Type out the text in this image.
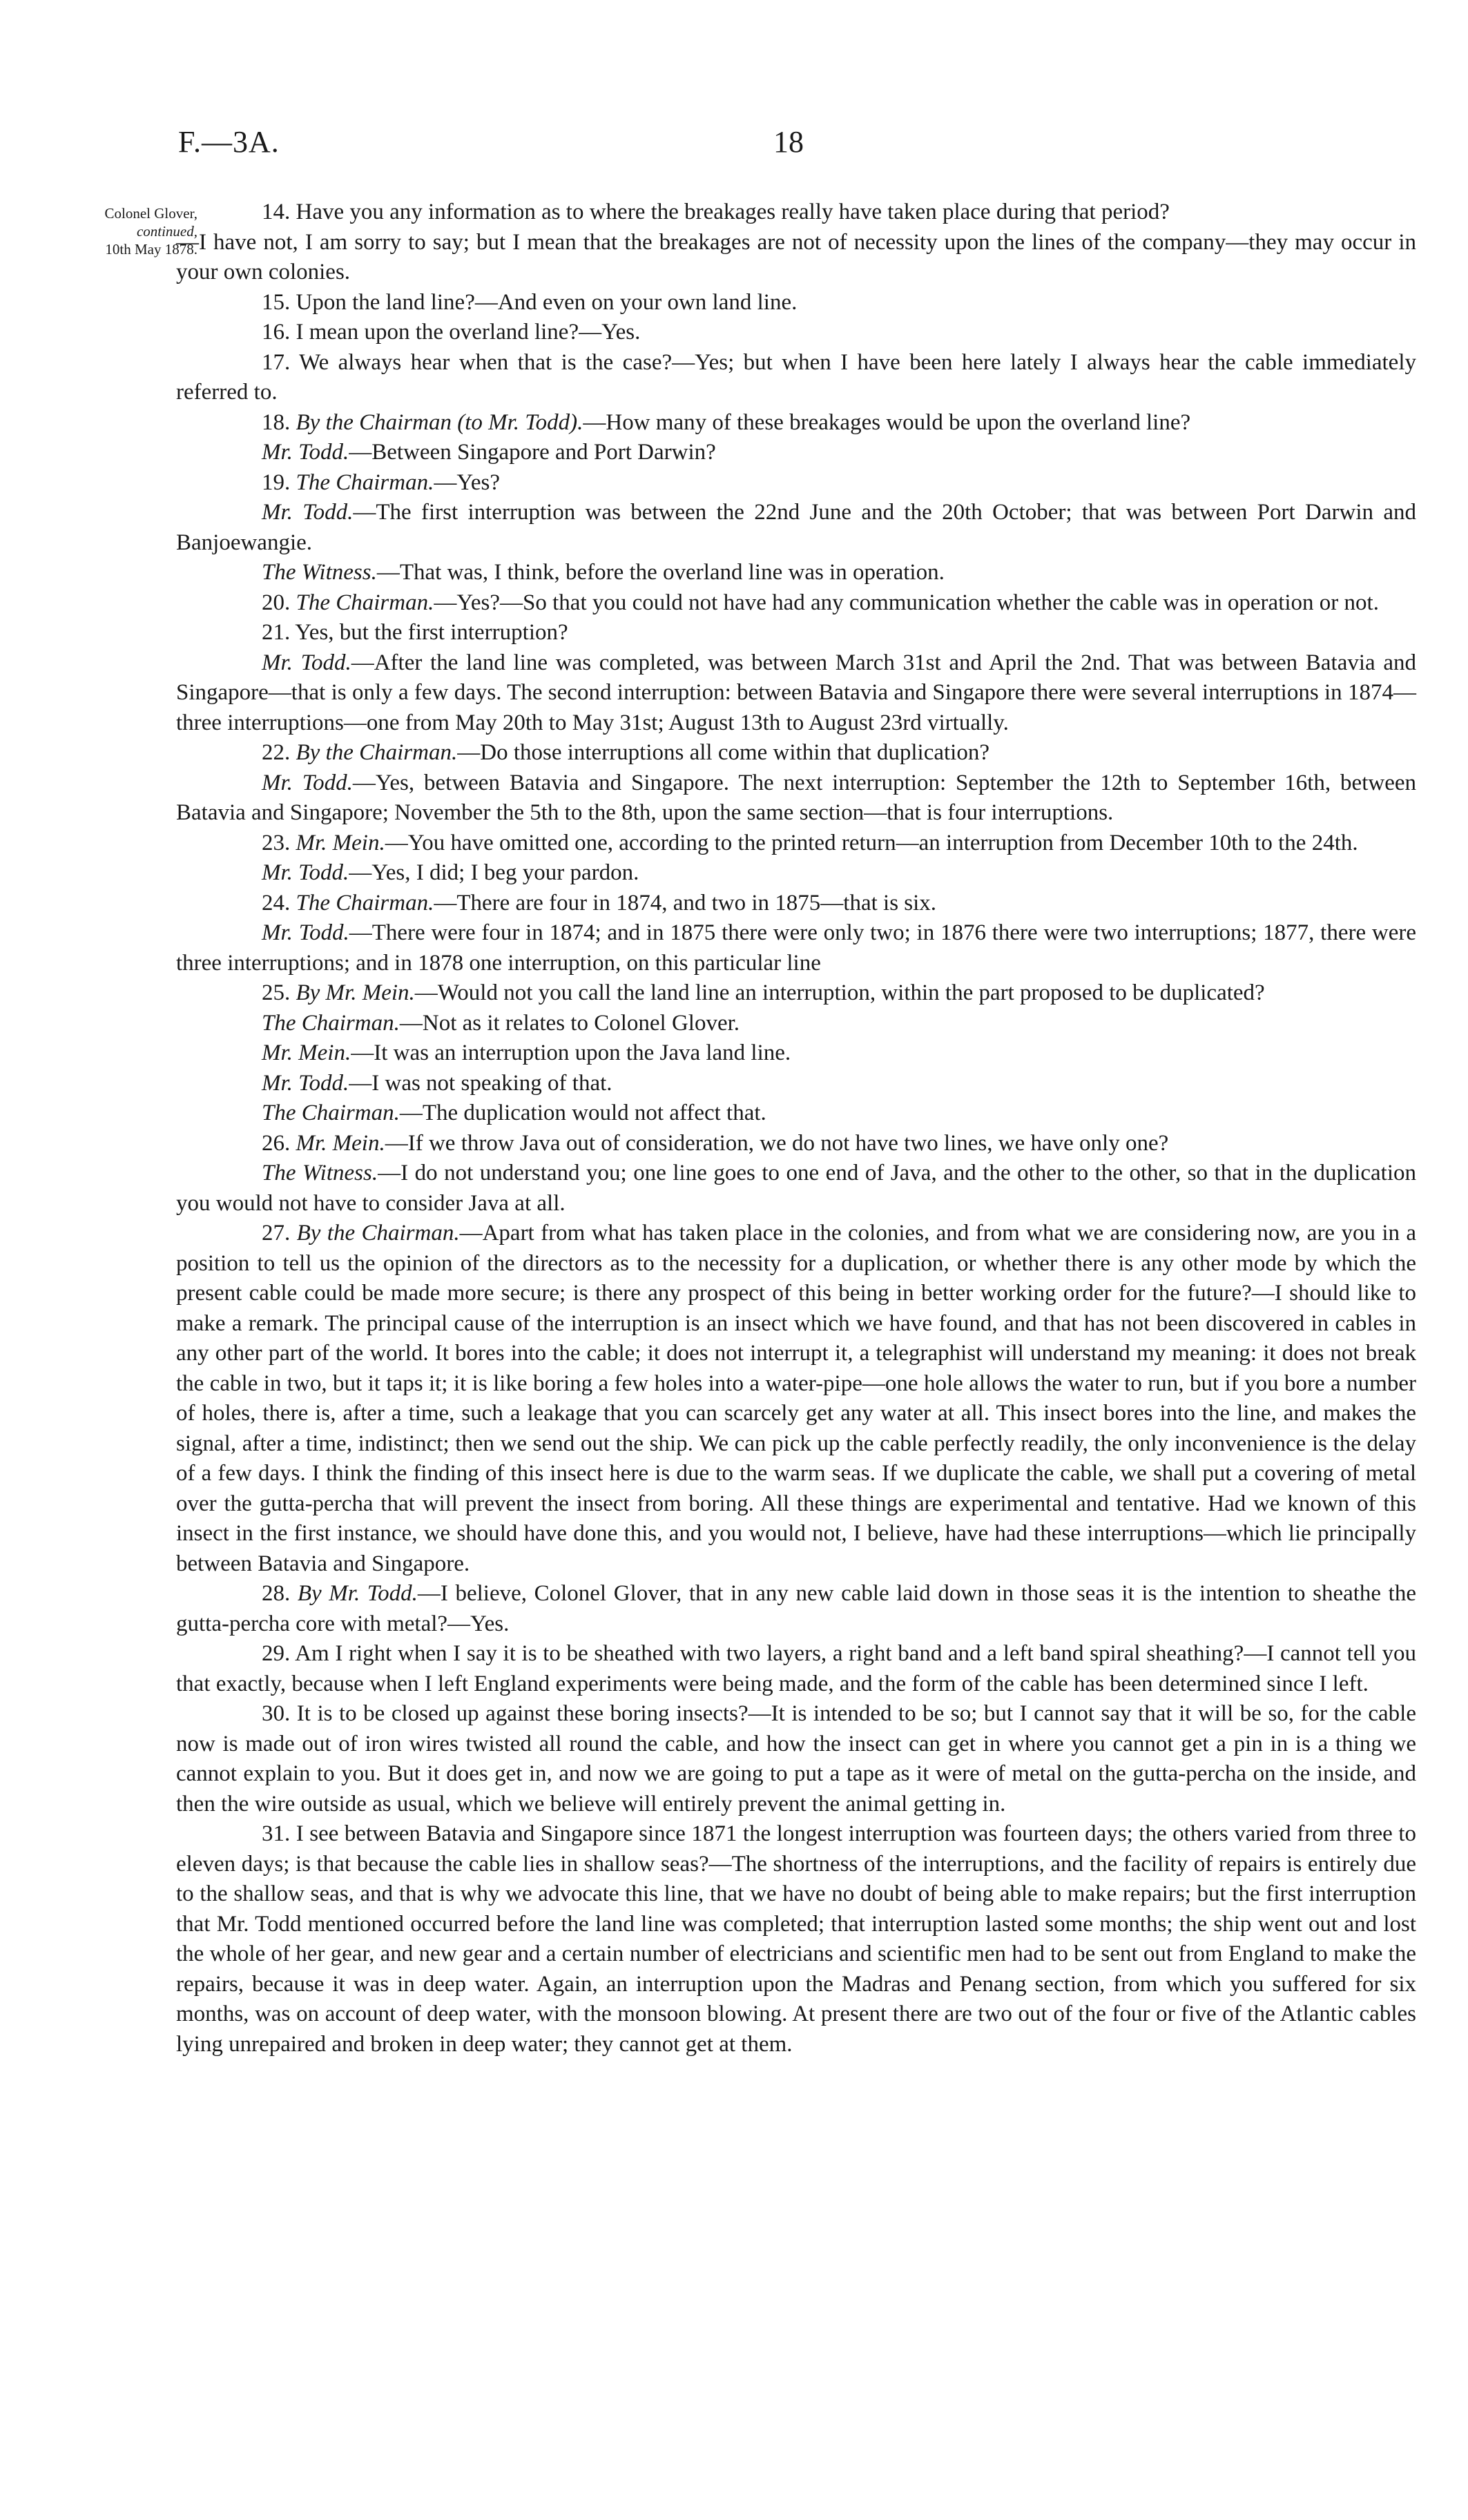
F.—3A.	18
Colonel Glover,
continued,
10th May 1878.

14. Have you any information as to where the breakages really have taken place during that period?

—I have not, I am sorry to say; but I mean that the breakages are not of necessity upon the lines of the company—they may occur in your own colonies.

15. Upon the land line?—And even on your own land line.

16. I mean upon the overland line?—Yes.

17. We always hear when that is the case?—Yes; but when I have been here lately I always hear the cable immediately referred to.

18. By the Chairman (to Mr. Todd).—How many of these breakages would be upon the overland line?

Mr. Todd.—Between Singapore and Port Darwin?

19. The Chairman.—Yes?

Mr. Todd.—The first interruption was between the 22nd June and the 20th October; that was between Port Darwin and Banjoewangie.

The Witness.—That was, I think, before the overland line was in operation.

20. The Chairman.—Yes?—So that you could not have had any communication whether the cable was in operation or not.

21. Yes, but the first interruption?

Mr. Todd.—After the land line was completed, was between March 31st and April the 2nd. That was between Batavia and Singapore—that is only a few days. The second interruption: between Batavia and Singapore there were several interruptions in 1874—three interruptions—one from May 20th to May 31st; August 13th to August 23rd virtually.

22. By the Chairman.—Do those interruptions all come within that duplication?

Mr. Todd.—Yes, between Batavia and Singapore. The next interruption: September the 12th to September 16th, between Batavia and Singapore; November the 5th to the 8th, upon the same section—that is four interruptions.

23. Mr. Mein.—You have omitted one, according to the printed return—an interruption from December 10th to the 24th.

Mr. Todd.—Yes, I did; I beg your pardon.

24. The Chairman.—There are four in 1874, and two in 1875—that is six.

Mr. Todd.—There were four in 1874; and in 1875 there were only two; in 1876 there were two interruptions; 1877, there were three interruptions; and in 1878 one interruption, on this particular line

25. By Mr. Mein.—Would not you call the land line an interruption, within the part proposed to be duplicated?

The Chairman.—Not as it relates to Colonel Glover.

Mr. Mein.—It was an interruption upon the Java land line.

Mr. Todd.—I was not speaking of that.

The Chairman.—The duplication would not affect that.

26. Mr. Mein.—If we throw Java out of consideration, we do not have two lines, we have only one?

The Witness.—I do not understand you; one line goes to one end of Java, and the other to the other, so that in the duplication you would not have to consider Java at all.

27. By the Chairman.—Apart from what has taken place in the colonies, and from what we are considering now, are you in a position to tell us the opinion of the directors as to the necessity for a duplication, or whether there is any other mode by which the present cable could be made more secure; is there any prospect of this being in better working order for the future?—I should like to make a remark. The principal cause of the interruption is an insect which we have found, and that has not been discovered in cables in any other part of the world. It bores into the cable; it does not interrupt it, a telegraphist will understand my meaning: it does not break the cable in two, but it taps it; it is like boring a few holes into a water-pipe—one hole allows the water to run, but if you bore a number of holes, there is, after a time, such a leakage that you can scarcely get any water at all. This insect bores into the line, and makes the signal, after a time, indistinct; then we send out the ship. We can pick up the cable perfectly readily, the only inconvenience is the delay of a few days. I think the finding of this insect here is due to the warm seas. If we duplicate the cable, we shall put a covering of metal over the gutta-percha that will prevent the insect from boring. All these things are experimental and tentative. Had we known of this insect in the first instance, we should have done this, and you would not, I believe, have had these interruptions—which lie principally between Batavia and Singapore.

28. By Mr. Todd.—I believe, Colonel Glover, that in any new cable laid down in those seas it is the intention to sheathe the gutta-percha core with metal?—Yes.

29. Am I right when I say it is to be sheathed with two layers, a right band and a left band spiral sheathing?—I cannot tell you that exactly, because when I left England experiments were being made, and the form of the cable has been determined since I left.

30. It is to be closed up against these boring insects?—It is intended to be so; but I cannot say that it will be so, for the cable now is made out of iron wires twisted all round the cable, and how the insect can get in where you cannot get a pin in is a thing we cannot explain to you. But it does get in, and now we are going to put a tape as it were of metal on the gutta-percha on the inside, and then the wire outside as usual, which we believe will entirely prevent the animal getting in.

31. I see between Batavia and Singapore since 1871 the longest interruption was fourteen days; the others varied from three to eleven days; is that because the cable lies in shallow seas?—The shortness of the interruptions, and the facility of repairs is entirely due to the shallow seas, and that is why we advocate this line, that we have no doubt of being able to make repairs; but the first interruption that Mr. Todd mentioned occurred before the land line was completed; that interruption lasted some months; the ship went out and lost the whole of her gear, and new gear and a certain number of electricians and scientific men had to be sent out from England to make the repairs, because it was in deep water. Again, an interruption upon the Madras and Penang section, from which you suffered for six months, was on account of deep water, with the monsoon blowing. At present there are two out of the four or five of the Atlantic cables lying unrepaired and broken in deep water; they cannot get at them.
